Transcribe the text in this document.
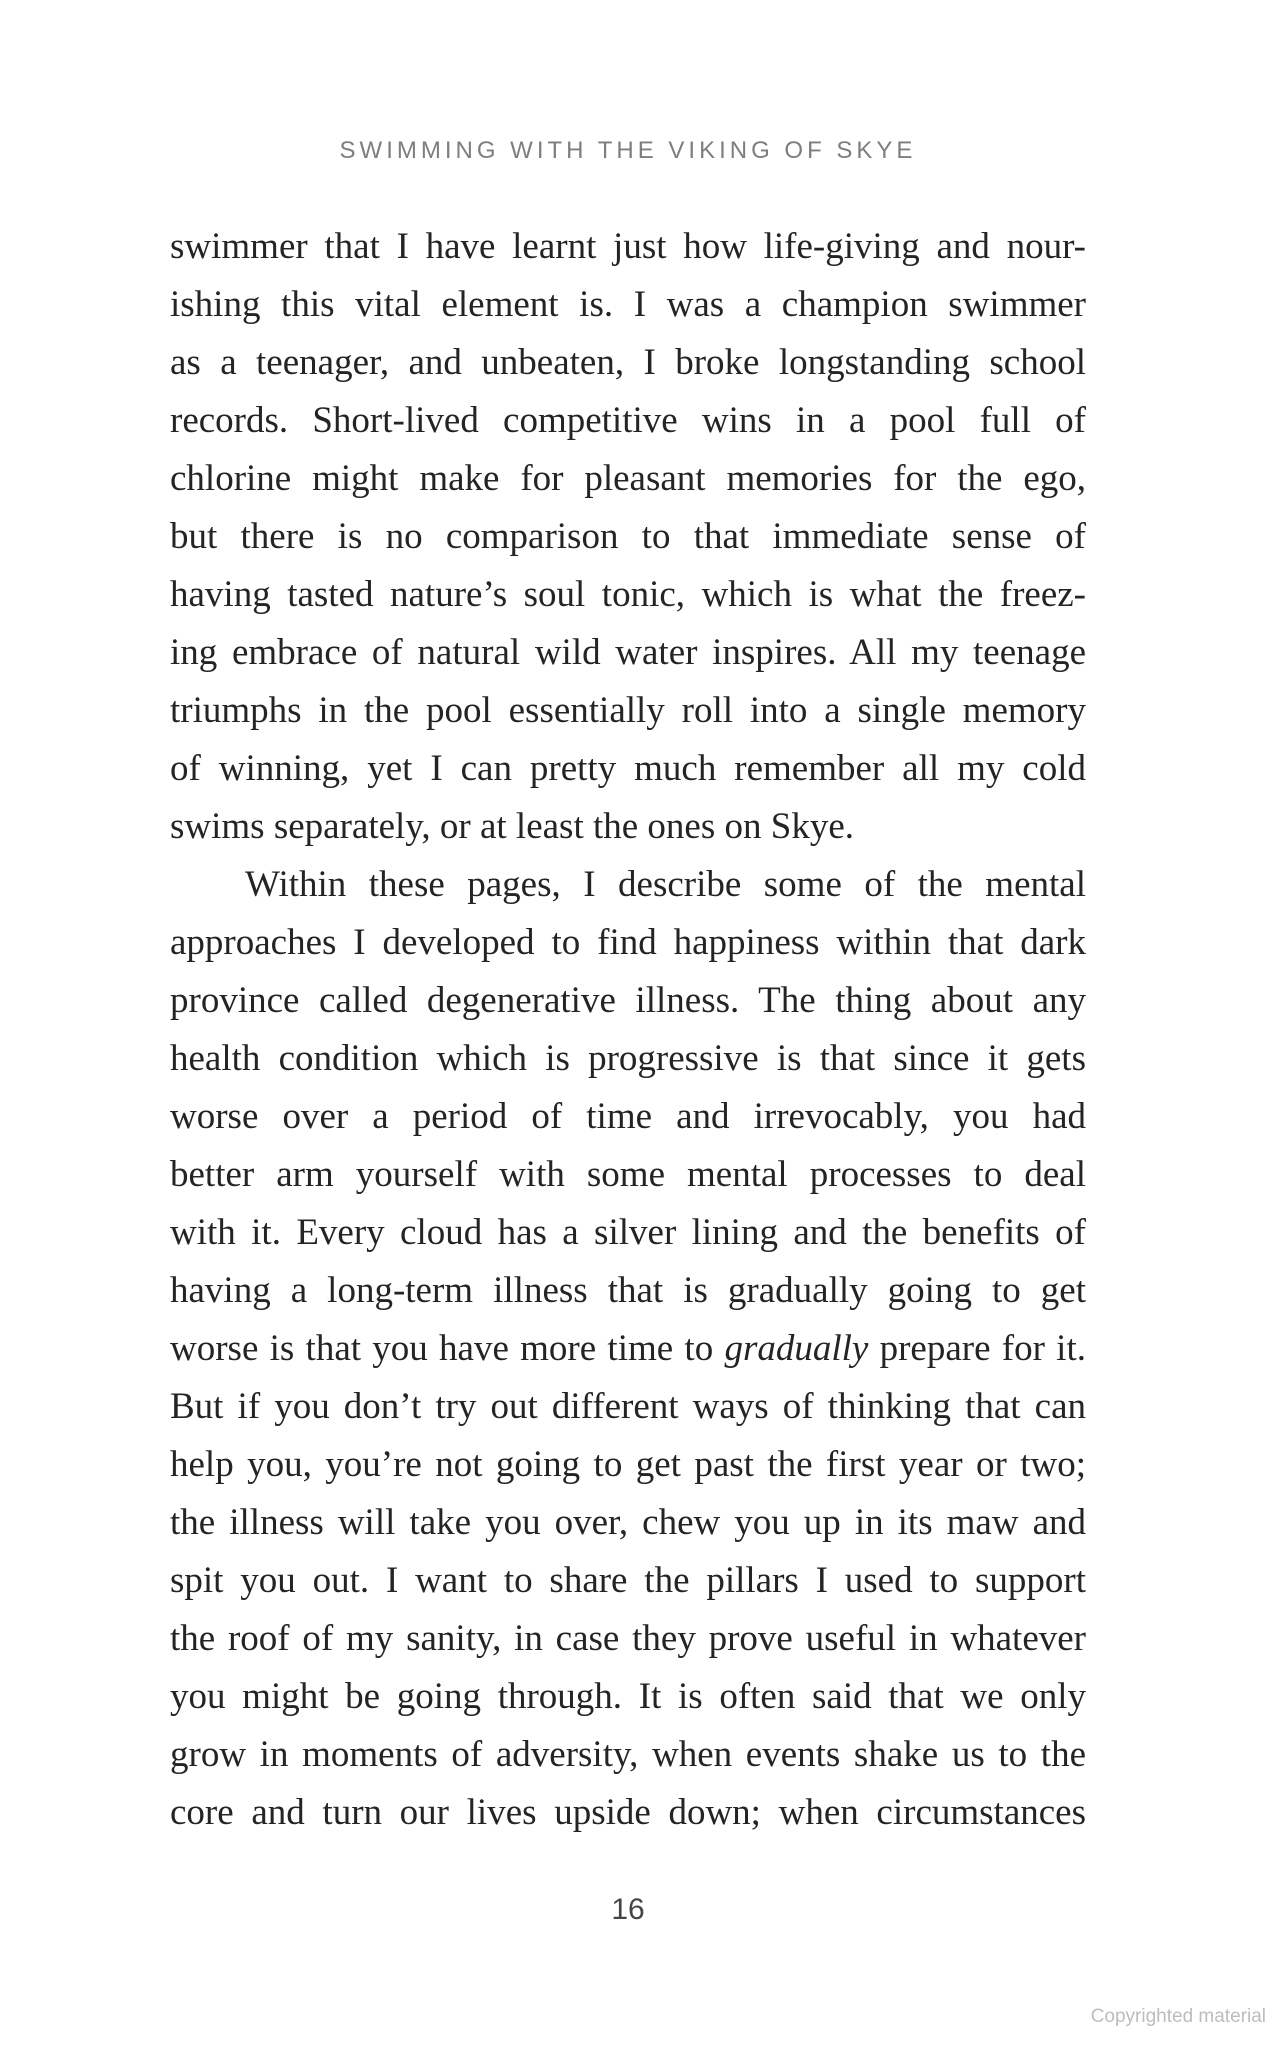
SWIMMING WITH THE VIKING OF SKYE
swimmer that I have learnt just how life-giving and nour-
ishing this vital element is. I was a champion swimmer
as a teenager, and unbeaten, I broke longstanding school
records. Short-lived competitive wins in a pool full of
chlorine might make for pleasant memories for the ego,
but there is no comparison to that immediate sense of
having tasted nature’s soul tonic, which is what the freez-
ing embrace of natural wild water inspires. All my teenage
triumphs in the pool essentially roll into a single memory
of winning, yet I can pretty much remember all my cold
swims separately, or at least the ones on Skye.
Within these pages, I describe some of the mental
approaches I developed to find happiness within that dark
province called degenerative illness. The thing about any
health condition which is progressive is that since it gets
worse over a period of time and irrevocably, you had
better arm yourself with some mental processes to deal
with it. Every cloud has a silver lining and the benefits of
having a long-term illness that is gradually going to get
worse is that you have more time to gradually prepare for it.
But if you don’t try out different ways of thinking that can
help you, you’re not going to get past the first year or two;
the illness will take you over, chew you up in its maw and
spit you out. I want to share the pillars I used to support
the roof of my sanity, in case they prove useful in whatever
you might be going through. It is often said that we only
grow in moments of adversity, when events shake us to the
core and turn our lives upside down; when circumstances
16
Copyrighted material
